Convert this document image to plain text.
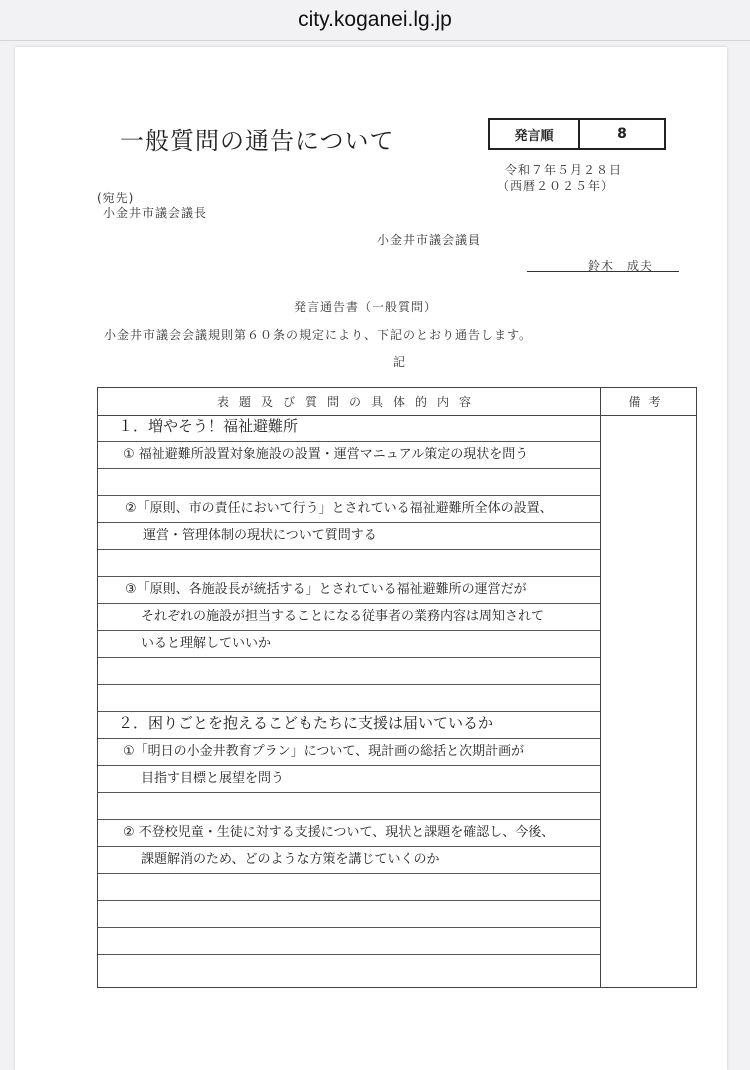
city.koganei.lg.jp
一般質問の通告について	発言順	8
令和７年５月２８日
（西暦２０２５年）
(宛先)
小金井市議会議長
小金井市議会議員
鈴木　成夫
発言通告書（一般質問）
小金井市議会会議規則第６０条の規定により、下記のとおり通告します。
記
表題及び質問の具体的内容	備考
１．増やそう！福祉避難所
① 福祉避難所設置対象施設の設置・運営マニュアル策定の現状を問う
②「原則、市の責任において行う」とされている福祉避難所全体の設置、
運営・管理体制の現状について質問する
③「原則、各施設長が統括する」とされている福祉避難所の運営だが
それぞれの施設が担当することになる従事者の業務内容は周知されて
いると理解していいか
２．困りごとを抱えるこどもたちに支援は届いているか
①「明日の小金井教育プラン」について、現計画の総括と次期計画が
目指す目標と展望を問う
② 不登校児童・生徒に対する支援について、現状と課題を確認し、今後、
課題解消のため、どのような方策を講じていくのか
